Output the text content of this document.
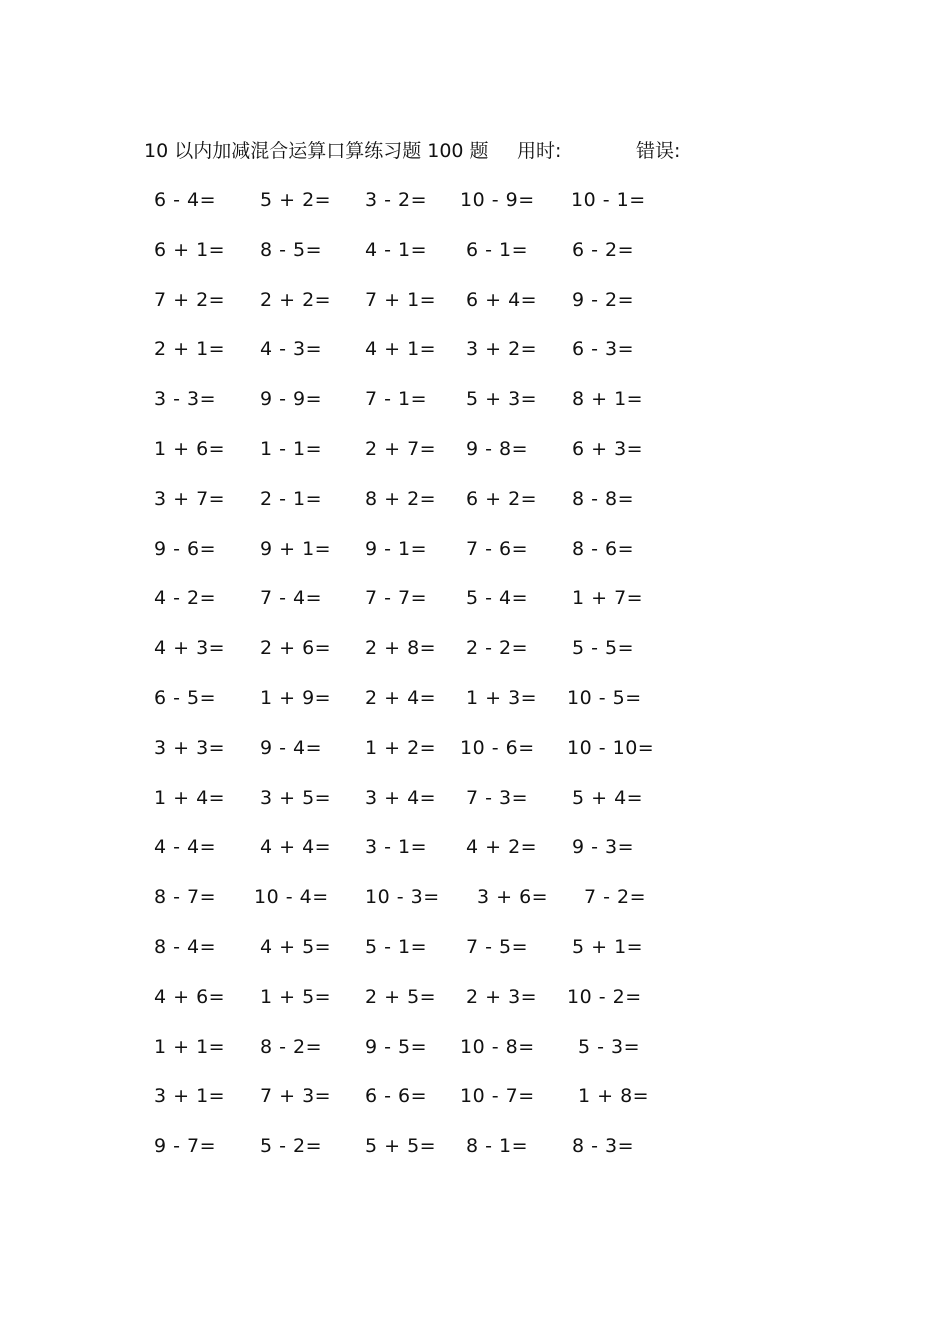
10 以内加减混合运算口算练习题 100 题 用时:	错误:
6 - 4= 5 + 2= 3 - 2= 10 - 9= 10 - 1=
6 + 1= 8 - 5= 4 - 1= 6 - 1= 6 - 2=
7 + 2= 2 + 2= 7 + 1= 6 + 4= 9 - 2=
2 + 1= 4 - 3= 4 + 1= 3 + 2= 6 - 3=
3 - 3= 9 - 9= 7 - 1= 5 + 3= 8 + 1=
1 + 6= 1 - 1= 2 + 7= 9 - 8= 6 + 3=
3 + 7= 2 - 1= 8 + 2= 6 + 2= 8 - 8=
9 - 6= 9 + 1= 9 - 1= 7 - 6= 8 - 6=
4 - 2= 7 - 4= 7 - 7= 5 - 4= 1 + 7=
4 + 3= 2 + 6= 2 + 8= 2 - 2= 5 - 5=
6 - 5= 1 + 9= 2 + 4= 1 + 3= 10 - 5=
3 + 3= 9 - 4= 1 + 2= 10 - 6= 10 - 10=
1 + 4= 3 + 5= 3 + 4= 7 - 3= 5 + 4=
4 - 4= 4 + 4= 3 - 1= 4 + 2= 9 - 3=
8 - 7= 10 - 4= 10 - 3= 3 + 6= 7 - 2=
8 - 4= 4 + 5= 5 - 1= 7 - 5= 5 + 1=
4 + 6= 1 + 5= 2 + 5= 2 + 3= 10 - 2=
1 + 1= 8 - 2= 9 - 5= 10 - 8= 5 - 3=
3 + 1= 7 + 3= 6 - 6= 10 - 7= 1 + 8=
9 - 7= 5 - 2= 5 + 5= 8 - 1= 8 - 3=
